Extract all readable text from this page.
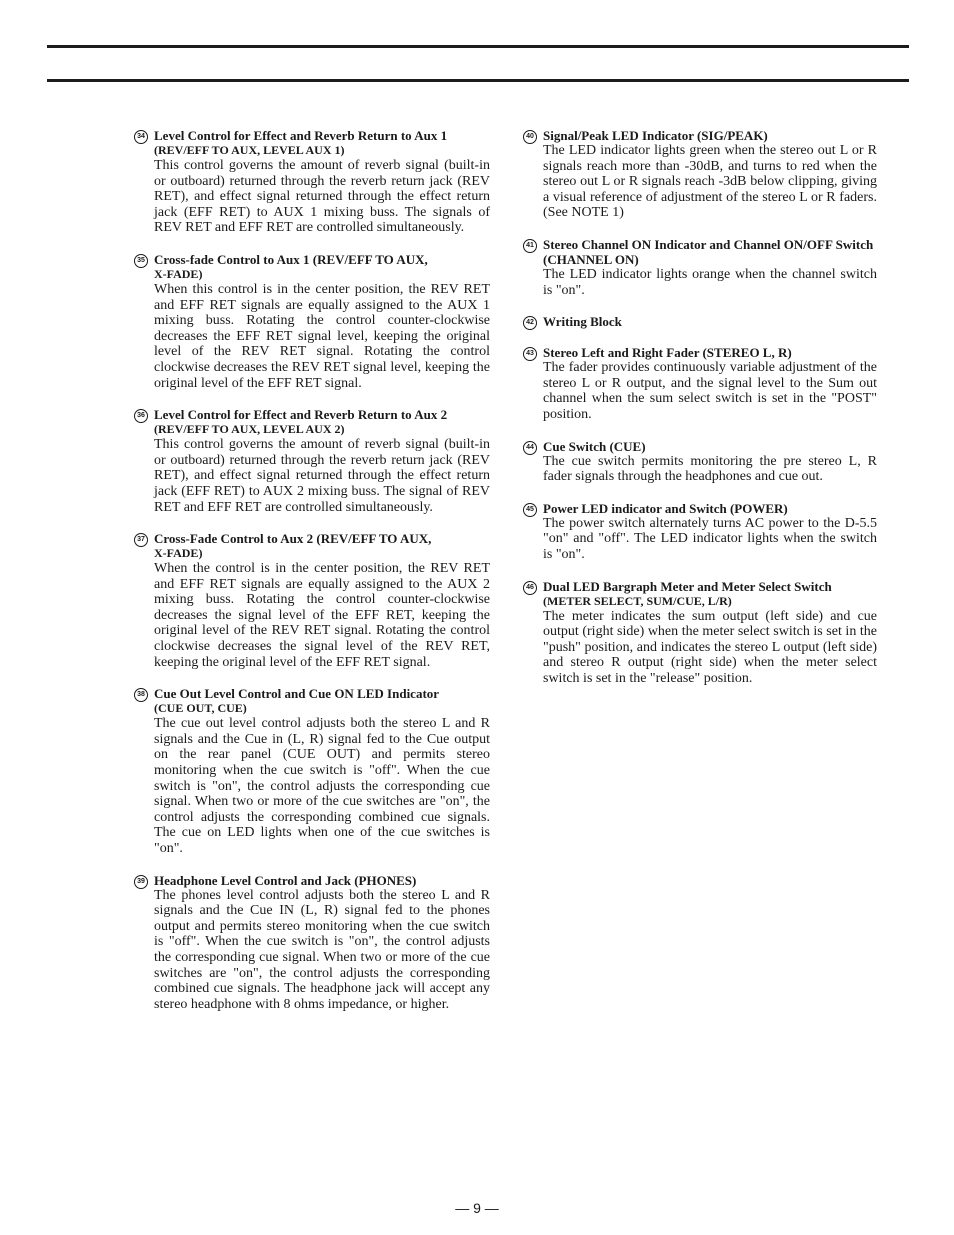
34 Level Control for Effect and Reverb Return to Aux 1

(REV/EFF TO AUX, LEVEL AUX 1)

This control governs the amount of reverb signal (built-in or outboard) returned through the reverb return jack (REV RET), and effect signal returned through the effect return jack (EFF RET) to AUX 1 mixing buss. The signals of REV RET and EFF RET are controlled simultaneously.

35 Cross-fade Control to Aux 1 (REV/EFF TO AUX,

X-FADE)

When this control is in the center position, the REV RET and EFF RET signals are equally assigned to the AUX 1 mixing buss. Rotating the control counter-clockwise decreases the EFF RET signal level, keeping the original level of the REV RET signal. Rotating the control clockwise decreases the REV RET signal level, keeping the original level of the EFF RET signal.

36 Level Control for Effect and Reverb Return to Aux 2

(REV/EFF TO AUX, LEVEL AUX 2)

This control governs the amount of reverb signal (built-in or outboard) returned through the reverb return jack (REV RET), and effect signal returned through the effect return jack (EFF RET) to AUX 2 mixing buss. The signal of REV RET and EFF RET are controlled simultaneously.

37 Cross-Fade Control to Aux 2 (REV/EFF TO AUX,

X-FADE)

When the control is in the center position, the REV RET and EFF RET signals are equally assigned to the AUX 2 mixing buss. Rotating the control counter-clockwise decreases the signal level of the EFF RET, keeping the original level of the REV RET signal. Rotating the control clockwise decreases the signal level of the REV RET, keeping the original level of the EFF RET signal.

38 Cue Out Level Control and Cue ON LED Indicator

(CUE OUT, CUE)

The cue out level control adjusts both the stereo L and R signals and the Cue in (L, R) signal fed to the Cue output on the rear panel (CUE OUT) and permits stereo monitoring when the cue switch is "off". When the cue switch is "on", the control adjusts the corresponding cue signal. When two or more of the cue switches are "on", the control adjusts the corresponding combined cue signals. The cue on LED lights when one of the cue switches is "on".

39 Headphone Level Control and Jack (PHONES)

The phones level control adjusts both the stereo L and R signals and the Cue IN (L, R) signal fed to the phones output and permits stereo monitoring when the cue switch is "off". When the cue switch is "on", the control adjusts the corresponding cue signal. When two or more of the cue switches are "on", the control adjusts the corresponding combined cue signals. The headphone jack will accept any stereo headphone with 8 ohms impedance, or higher.

40 Signal/Peak LED Indicator (SIG/PEAK)

The LED indicator lights green when the stereo out L or R signals reach more than -30dB, and turns to red when the stereo out L or R signals reach -3dB below clipping, giving a visual reference of adjustment of the stereo L or R faders. (See NOTE 1)

41 Stereo Channel ON Indicator and Channel ON/OFF Switch (CHANNEL ON)

The LED indicator lights orange when the channel switch is "on".

42 Writing Block

43 Stereo Left and Right Fader (STEREO L, R)

The fader provides continuously variable adjustment of the stereo L or R output, and the signal level to the Sum out channel when the sum select switch is set in the "POST" position.

44 Cue Switch (CUE)

The cue switch permits monitoring the pre stereo L, R fader signals through the headphones and cue out.

45 Power LED indicator and Switch (POWER)

The power switch alternately turns AC power to the D-5.5 "on" and "off". The LED indicator lights when the switch is "on".

46 Dual LED Bargraph Meter and Meter Select Switch

(METER SELECT, SUM/CUE, L/R)

The meter indicates the sum output (left side) and cue output (right side) when the meter select switch is set in the "push" position, and indicates the stereo L output (left side) and stereo R output (right side) when the meter select switch is set in the "release" position.

— 9 —
